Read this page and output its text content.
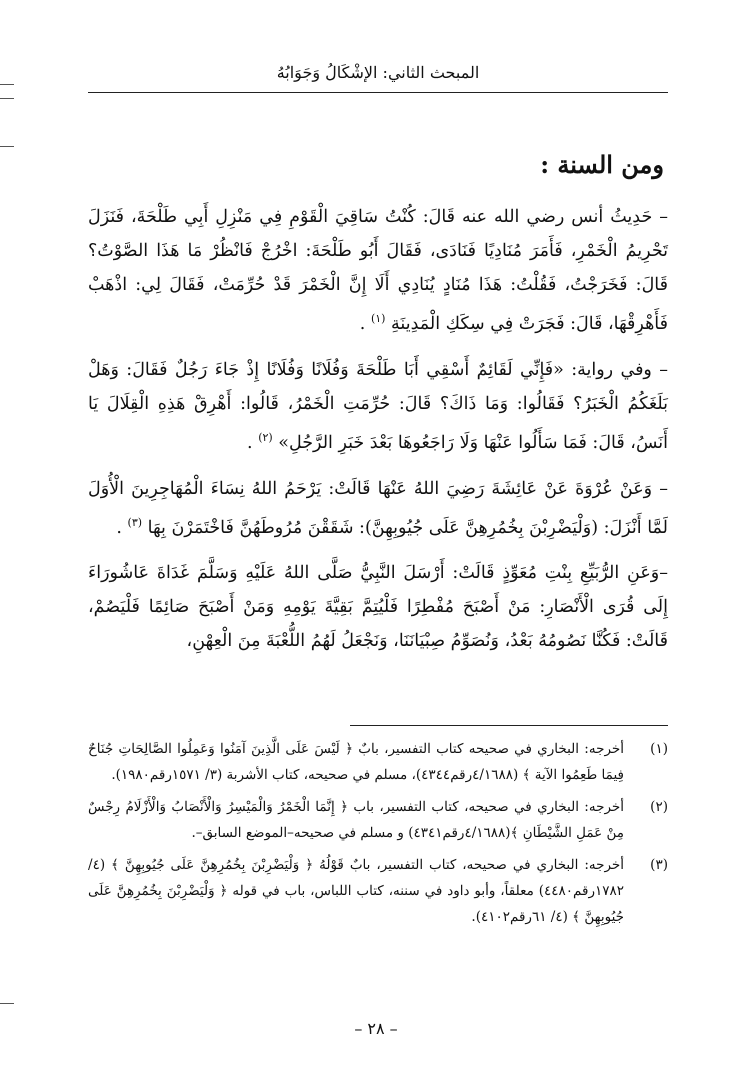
المبحث الثاني: الإشْكَالُ وَجَوَابُهُ
ومن السنة :

– حَدِيثُ أنس رضي الله عنه قَالَ: كُنْتُ سَاقِيَ الْقَوْمِ فِي مَنْزِلِ أَبِي طَلْحَةَ، فَنَزَلَ تَحْرِيمُ الْخَمْرِ، فَأَمَرَ مُنَادِيًا فَنَادَى، فَقَالَ أَبُو طَلْحَةَ: اخْرُجْ فَانْظُرْ مَا هَذَا الصَّوْتُ؟ قَالَ: فَخَرَجْتُ، فَقُلْتُ: هَذَا مُنَادٍ يُنَادِي أَلَا إِنَّ الْخَمْرَ قَدْ حُرِّمَتْ، فَقَالَ لِي: اذْهَبْ فَأَهْرِقْهَا، قَالَ: فَجَرَتْ فِي سِكَكِ الْمَدِينَةِ $^{(١)}$ .

– وفي رواية: «فَإِنِّي لَقَائِمٌ أَسْقِي أَبَا طَلْحَةَ وَفُلَانًا وَفُلَانًا إِذْ جَاءَ رَجُلٌ فَقَالَ: وَهَلْ بَلَغَكُمُ الْخَبَرُ؟ فَقَالُوا: وَمَا ذَاكَ؟ قَالَ: حُرِّمَتِ الْخَمْرُ، قَالُوا: أَهْرِقْ هَذِهِ الْقِلَالَ يَا أَنَسُ، قَالَ: فَمَا سَأَلُوا عَنْهَا وَلَا رَاجَعُوهَا بَعْدَ خَبَرِ الرَّجُلِ» $^{(٢)}$ .

– وَعَنْ عُرْوَةَ عَنْ عَائِشَةَ رَضِيَ اللهُ عَنْهَا قَالَتْ: يَرْحَمُ اللهُ نِسَاءَ الْمُهَاجِرِينَ الْأُوَلَ لَمَّا أَنْزَلَ: (وَلْيَضْرِبْنَ بِخُمُرِهِنَّ عَلَى جُيُوبِهِنَّ): شَقَقْنَ مُرُوطَهُنَّ فَاخْتَمَرْنَ بِهَا $^{(٣)}$ .

–وَعَنِ الرُّبَيِّعِ بِنْتِ مُعَوِّذٍ قَالَتْ: أَرْسَلَ النَّبِيُّ صَلَّى اللهُ عَلَيْهِ وَسَلَّمَ غَدَاةَ عَاشُورَاءَ إِلَى قُرَى الْأَنْصَارِ: مَنْ أَصْبَحَ مُفْطِرًا فَلْيُتِمَّ بَقِيَّةَ يَوْمِهِ وَمَنْ أَصْبَحَ صَائِمًا فَلْيَصُمْ، قَالَتْ: فَكُنَّا نَصُومُهُ بَعْدُ، وَنُصَوِّمُ صِبْيَانَنَا، وَنَجْعَلُ لَهُمُ اللُّعْبَةَ مِنَ الْعِهْنِ،

(١)
أخرجه: البخاري في صحيحه كتاب التفسير، بابٌ ﴿ لَيْسَ عَلَى الَّذِينَ آمَنُوا وَعَمِلُوا الصَّالِحَاتِ جُنَاحٌ فِيمَا طَعِمُوا الآية ﴾ (٤/١٦٨٨رقم٤٣٤٤)، مسلم في صحيحه، كتاب الأشربة (٣/ ١٥٧١رقم١٩٨٠).
(٢)
أخرجه: البخاري في صحيحه، كتاب التفسير، باب ﴿ إِنَّمَا الْخَمْرُ وَالْمَيْسِرُ وَالْأَنْصَابُ وَالْأَزْلَامُ رِجْسٌ مِنْ عَمَلِ الشَّيْطَانِ ﴾(٤/١٦٨٨رقم٤٣٤١) و مسلم في صحيحه–الموضع السابق–.
(٣)
أخرجه: البخاري في صحيحه، كتاب التفسير، بابٌ قَوْلُهُ ﴿ وَلْيَضْرِبْنَ بِخُمُرِهِنَّ عَلَى جُيُوبِهِنَّ ﴾ (٤/ ١٧٨٢رقم٤٤٨٠) معلقاً، وأبو داود في سننه، كتاب اللباس، باب في قوله ﴿ وَلْيَضْرِبْنَ بِخُمُرِهِنَّ عَلَى جُيُوبِهِنَّ ﴾ (٤/ ٦١رقم٤١٠٢).
– ٢٨ –
